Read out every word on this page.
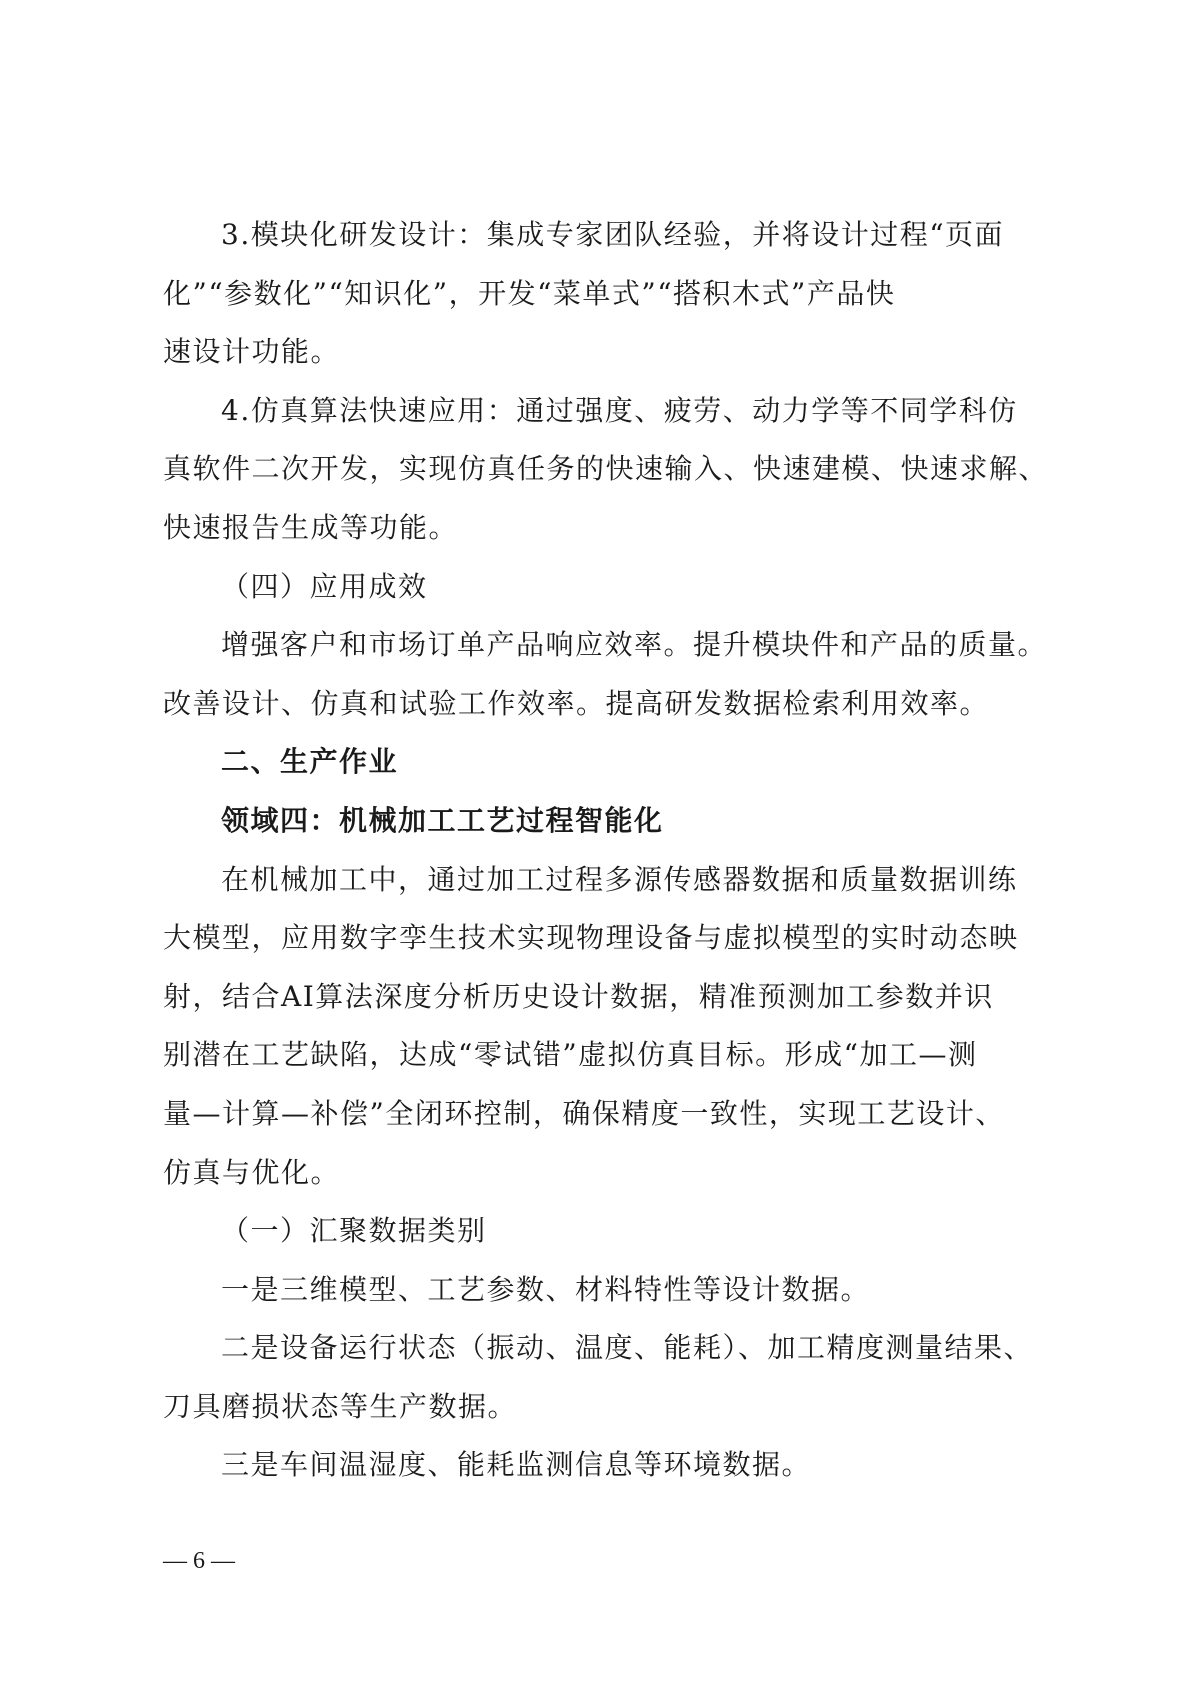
3.模块化研发设计：集成专家团队经验，并将设计过程“页面
化”“参数化”“知识化”，开发“菜单式”“搭积木式”产品快
速设计功能。
4.仿真算法快速应用：通过强度、疲劳、动力学等不同学科仿
真软件二次开发，实现仿真任务的快速输入、快速建模、快速求解、
快速报告生成等功能。
（四）应用成效
增强客户和市场订单产品响应效率。提升模块件和产品的质量。
改善设计、仿真和试验工作效率。提高研发数据检索利用效率。
二、生产作业
领域四：机械加工工艺过程智能化
在机械加工中，通过加工过程多源传感器数据和质量数据训练
大模型，应用数字孪生技术实现物理设备与虚拟模型的实时动态映
射，结合AI算法深度分析历史设计数据，精准预测加工参数并识
别潜在工艺缺陷，达成“零试错”虚拟仿真目标。形成“加工—测
量—计算—补偿”全闭环控制，确保精度一致性，实现工艺设计、
仿真与优化。
（一）汇聚数据类别
一是三维模型、工艺参数、材料特性等设计数据。
二是设备运行状态（振动、温度、能耗）、加工精度测量结果、
刀具磨损状态等生产数据。
三是车间温湿度、能耗监测信息等环境数据。
— 6 —
